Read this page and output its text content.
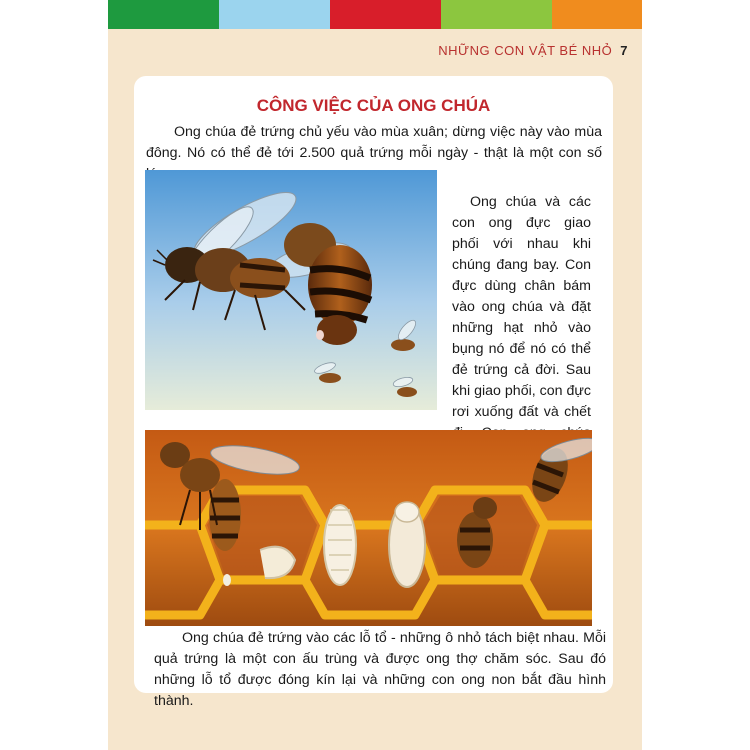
NHỮNG CON VẬT BÉ NHỎ 7
CÔNG VIỆC CỦA ONG CHÚA
Ong chúa đẻ trứng chủ yếu vào mùa xuân; dừng việc này vào mùa đông. Nó có thể đẻ tới 2.500 quả trứng mỗi ngày - thật là một con số
Ong chúa và các con ong đực giao phối với nhau khi chúng đang bay. Con đực dùng chân bám vào ong chúa và đặt những hạt nhỏ vào bụng nó để nó có thể đẻ trứng cả đời. Sau khi giao phối, con đực rơi xuống đất và chết
Ong chúa đẻ trứng vào các lỗ tổ - những ô nhỏ tách biệt nhau. Mỗi quả trứng là một con ấu trùng và được ong thợ chăm sóc. Sau đó những lỗ tổ được đóng kín lại và những con ong non bắt đầu hình thành.
